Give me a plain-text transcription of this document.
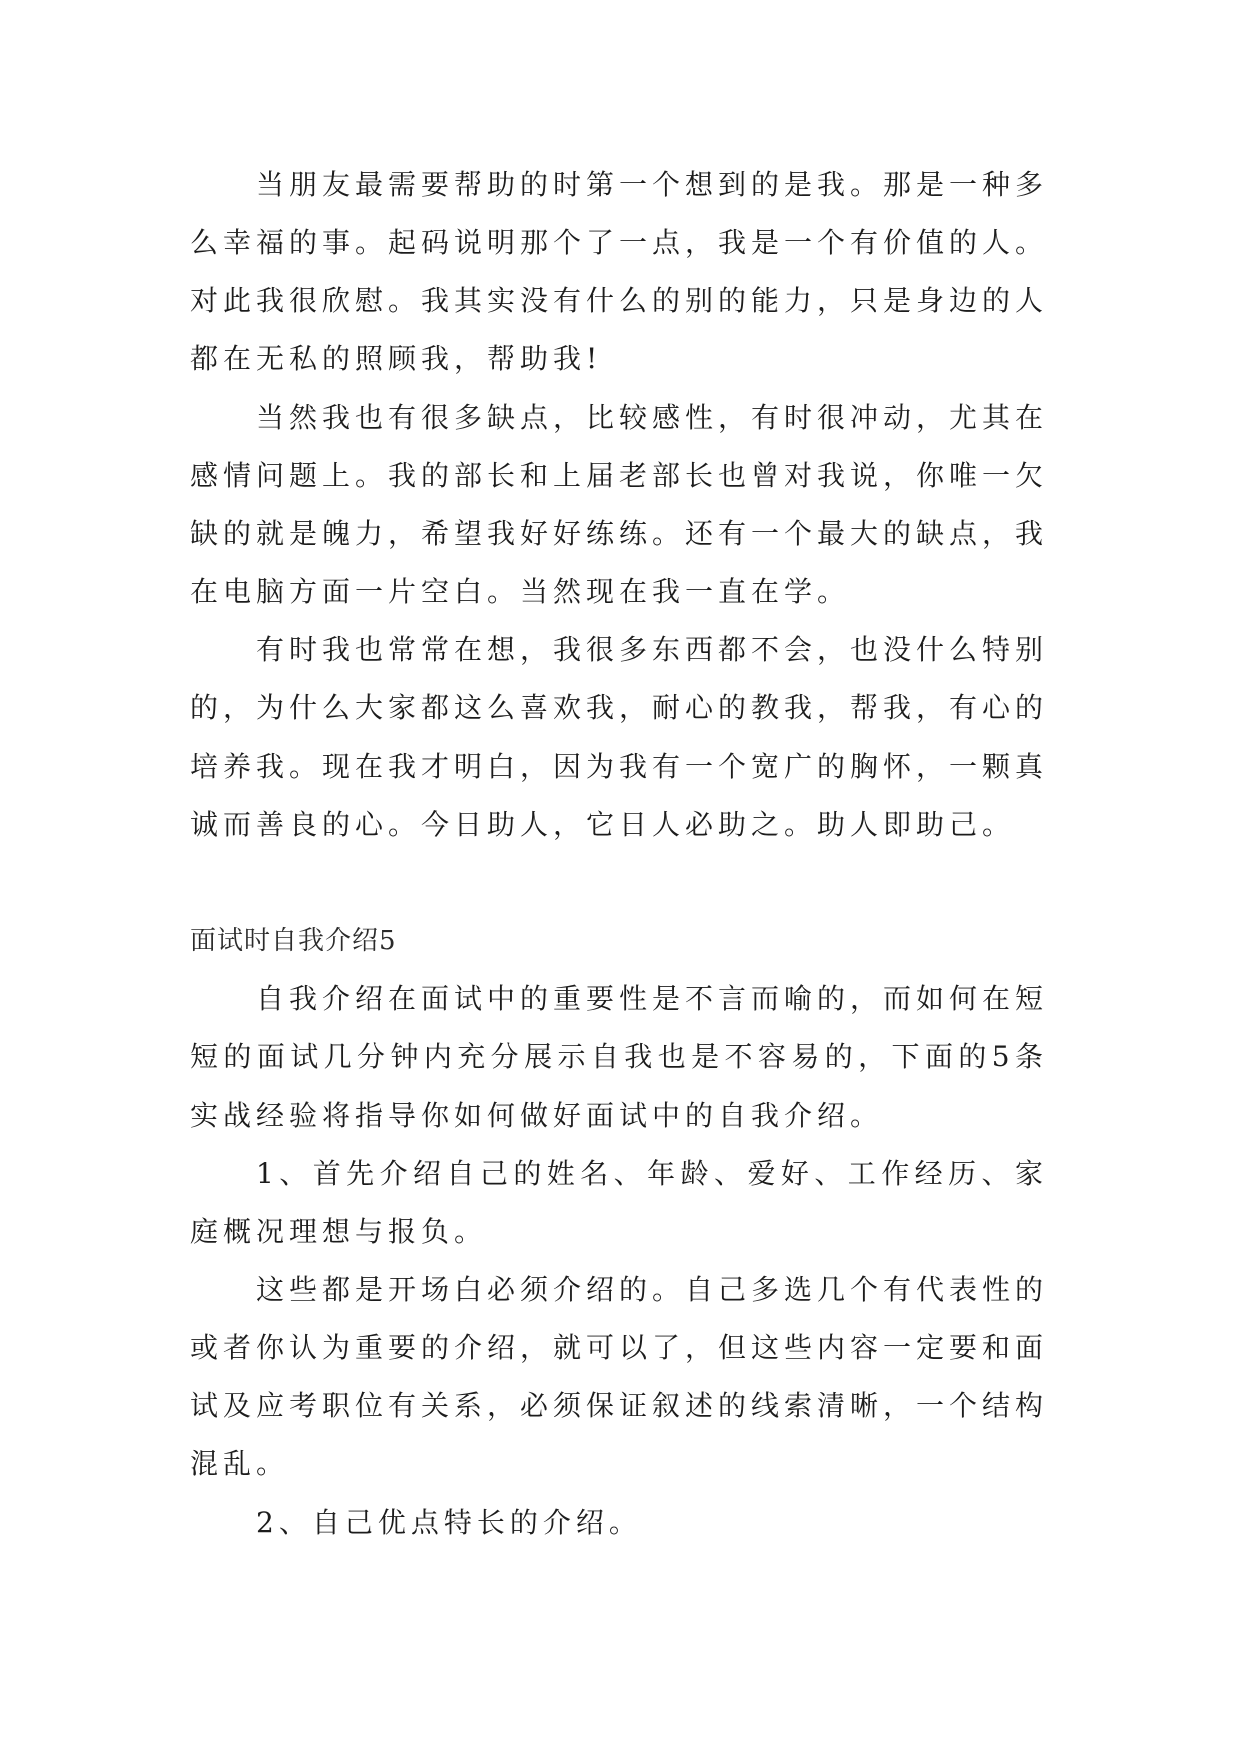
当朋友最需要帮助的时第一个想到的是我。那是一种多
么幸福的事。起码说明那个了一点，我是一个有价值的人。
对此我很欣慰。我其实没有什么的别的能力，只是身边的人
都在无私的照顾我，帮助我!
当然我也有很多缺点，比较感性，有时很冲动，尤其在
感情问题上。我的部长和上届老部长也曾对我说，你唯一欠
缺的就是魄力，希望我好好练练。还有一个最大的缺点，我
在电脑方面一片空白。当然现在我一直在学。
有时我也常常在想，我很多东西都不会，也没什么特别
的，为什么大家都这么喜欢我，耐心的教我，帮我，有心的
培养我。现在我才明白，因为我有一个宽广的胸怀，一颗真
诚而善良的心。今日助人，它日人必助之。助人即助己。
面试时自我介绍5
自我介绍在面试中的重要性是不言而喻的，而如何在短
短的面试几分钟内充分展示自我也是不容易的，下面的5条
实战经验将指导你如何做好面试中的自我介绍。
1、首先介绍自己的姓名、年龄、爱好、工作经历、家
庭概况理想与报负。
这些都是开场白必须介绍的。自己多选几个有代表性的
或者你认为重要的介绍，就可以了，但这些内容一定要和面
试及应考职位有关系，必须保证叙述的线索清晰，一个结构
混乱。
2、自己优点特长的介绍。
